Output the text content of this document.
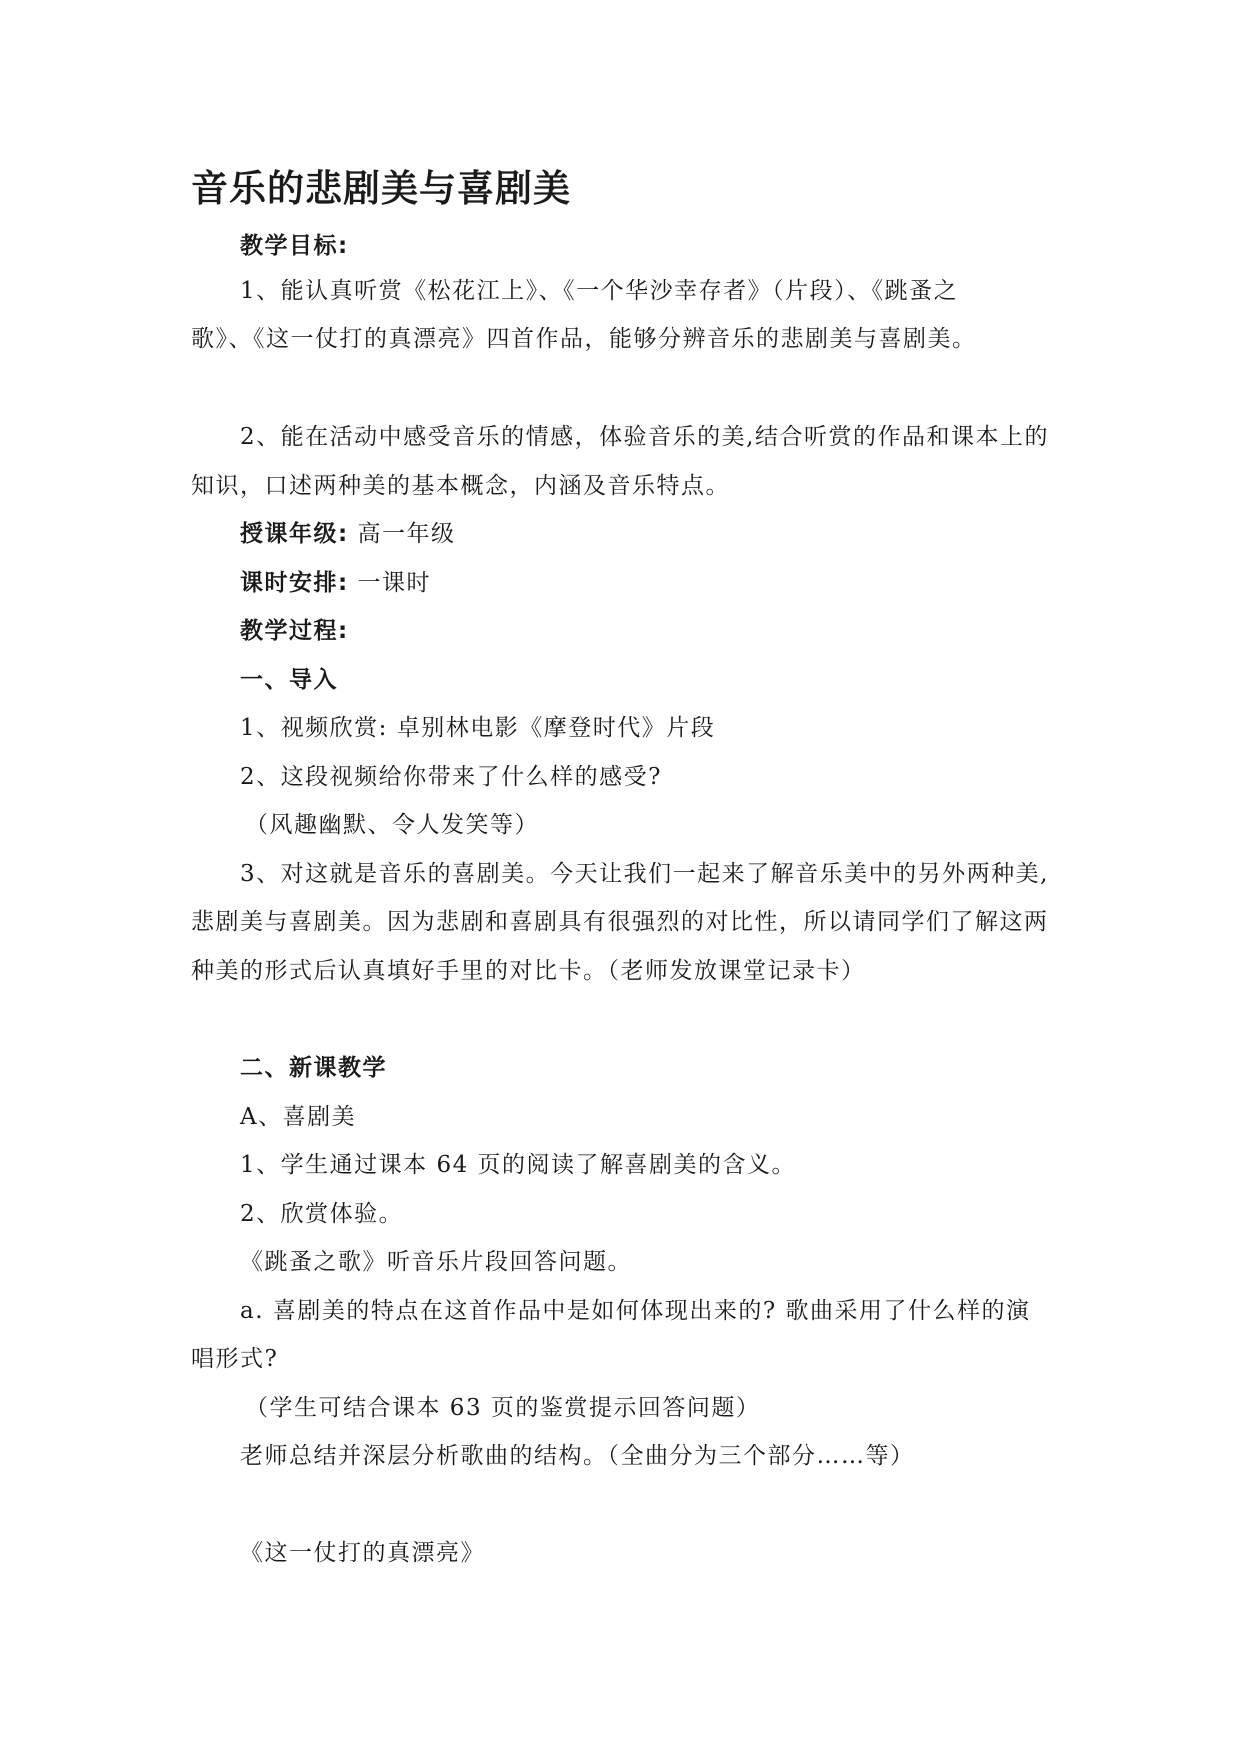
音乐的悲剧美与喜剧美
教学目标:
1、能认真听赏《松花江上》、《一个华沙幸存者》（片段）、《跳蚤之
歌》、《这一仗打的真漂亮》四首作品，能够分辨音乐的悲剧美与喜剧美。
2、能在活动中感受音乐的情感，体验音乐的美,结合听赏的作品和课本上的
知识，口述两种美的基本概念，内涵及音乐特点。
授课年级: 高一年级
课时安排: 一课时
教学过程:
一、导入
1、视频欣赏: 卓别林电影《摩登时代》片段
2、这段视频给你带来了什么样的感受?
（风趣幽默、令人发笑等）
3、对这就是音乐的喜剧美。今天让我们一起来了解音乐美中的另外两种美,
悲剧美与喜剧美。因为悲剧和喜剧具有很强烈的对比性，所以请同学们了解这两
种美的形式后认真填好手里的对比卡。（老师发放课堂记录卡）
二、新课教学
A、喜剧美
1、学生通过课本 64 页的阅读了解喜剧美的含义。
2、欣赏体验。
《跳蚤之歌》听音乐片段回答问题。
a. 喜剧美的特点在这首作品中是如何体现出来的? 歌曲采用了什么样的演
唱形式?
（学生可结合课本 63 页的鉴赏提示回答问题）
老师总结并深层分析歌曲的结构。（全曲分为三个部分……等）
《这一仗打的真漂亮》
